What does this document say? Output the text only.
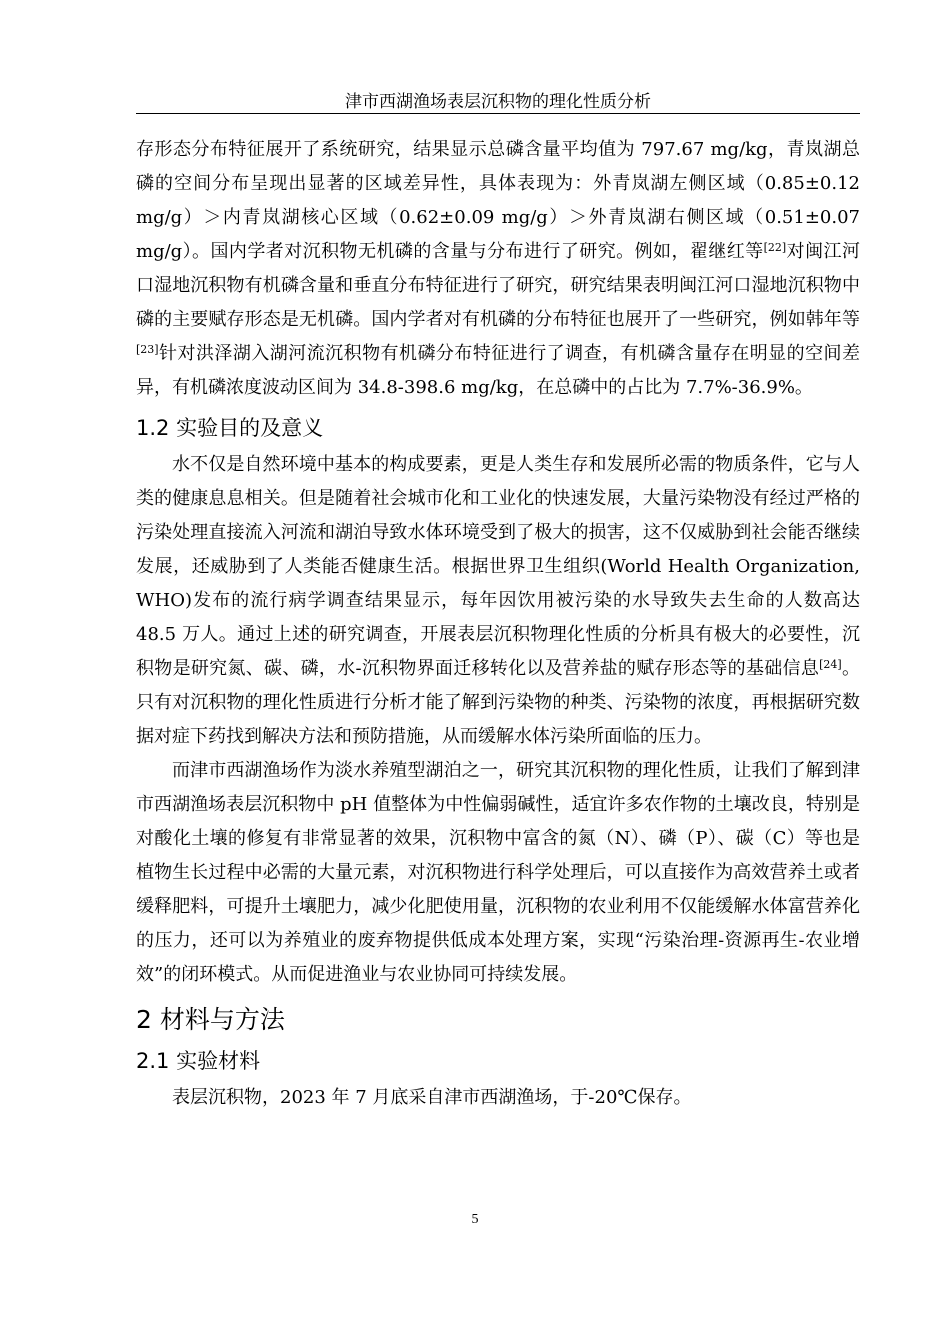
津市西湖渔场表层沉积物的理化性质分析

存形态分布特征展开了系统研究，结果显示总磷含量平均值为 797.67 mg/kg，青岚湖总磷的空间分布呈现出显著的区域差异性，具体表现为：外青岚湖左侧区域（0.85±0.12 mg/g）＞内青岚湖核心区域（0.62±0.09 mg/g）＞外青岚湖右侧区域（0.51±0.07 mg/g）。国内学者对沉积物无机磷的含量与分布进行了研究。例如，翟继红等[22]对闽江河口湿地沉积物有机磷含量和垂直分布特征进行了研究，研究结果表明闽江河口湿地沉积物中磷的主要赋存形态是无机磷。国内学者对有机磷的分布特征也展开了一些研究，例如韩年等[23]针对洪泽湖入湖河流沉积物有机磷分布特征进行了调查，有机磷含量存在明显的空间差异，有机磷浓度波动区间为 34.8-398.6 mg/kg，在总磷中的占比为 7.7%-36.9%。

1.2 实验目的及意义

水不仅是自然环境中基本的构成要素，更是人类生存和发展所必需的物质条件，它与人类的健康息息相关。但是随着社会城市化和工业化的快速发展，大量污染物没有经过严格的污染处理直接流入河流和湖泊导致水体环境受到了极大的损害，这不仅威胁到社会能否继续发展，还威胁到了人类能否健康生活。根据世界卫生组织(World Health Organization, WHO)发布的流行病学调查结果显示，每年因饮用被污染的水导致失去生命的人数高达 48.5 万人。通过上述的研究调查，开展表层沉积物理化性质的分析具有极大的必要性，沉积物是研究氮、碳、磷，水-沉积物界面迁移转化以及营养盐的赋存形态等的基础信息[24]。只有对沉积物的理化性质进行分析才能了解到污染物的种类、污染物的浓度，再根据研究数据对症下药找到解决方法和预防措施，从而缓解水体污染所面临的压力。

而津市西湖渔场作为淡水养殖型湖泊之一，研究其沉积物的理化性质，让我们了解到津市西湖渔场表层沉积物中 pH 值整体为中性偏弱碱性，适宜许多农作物的土壤改良，特别是对酸化土壤的修复有非常显著的效果，沉积物中富含的氮（N）、磷（P）、碳（C）等也是植物生长过程中必需的大量元素，对沉积物进行科学处理后，可以直接作为高效营养土或者缓释肥料，可提升土壤肥力，减少化肥使用量，沉积物的农业利用不仅能缓解水体富营养化的压力，还可以为养殖业的废弃物提供低成本处理方案，实现“污染治理-资源再生-农业增效”的闭环模式。从而促进渔业与农业协同可持续发展。

2 材料与方法
2.1 实验材料

表层沉积物，2023 年 7 月底采自津市西湖渔场，于-20℃保存。

5
